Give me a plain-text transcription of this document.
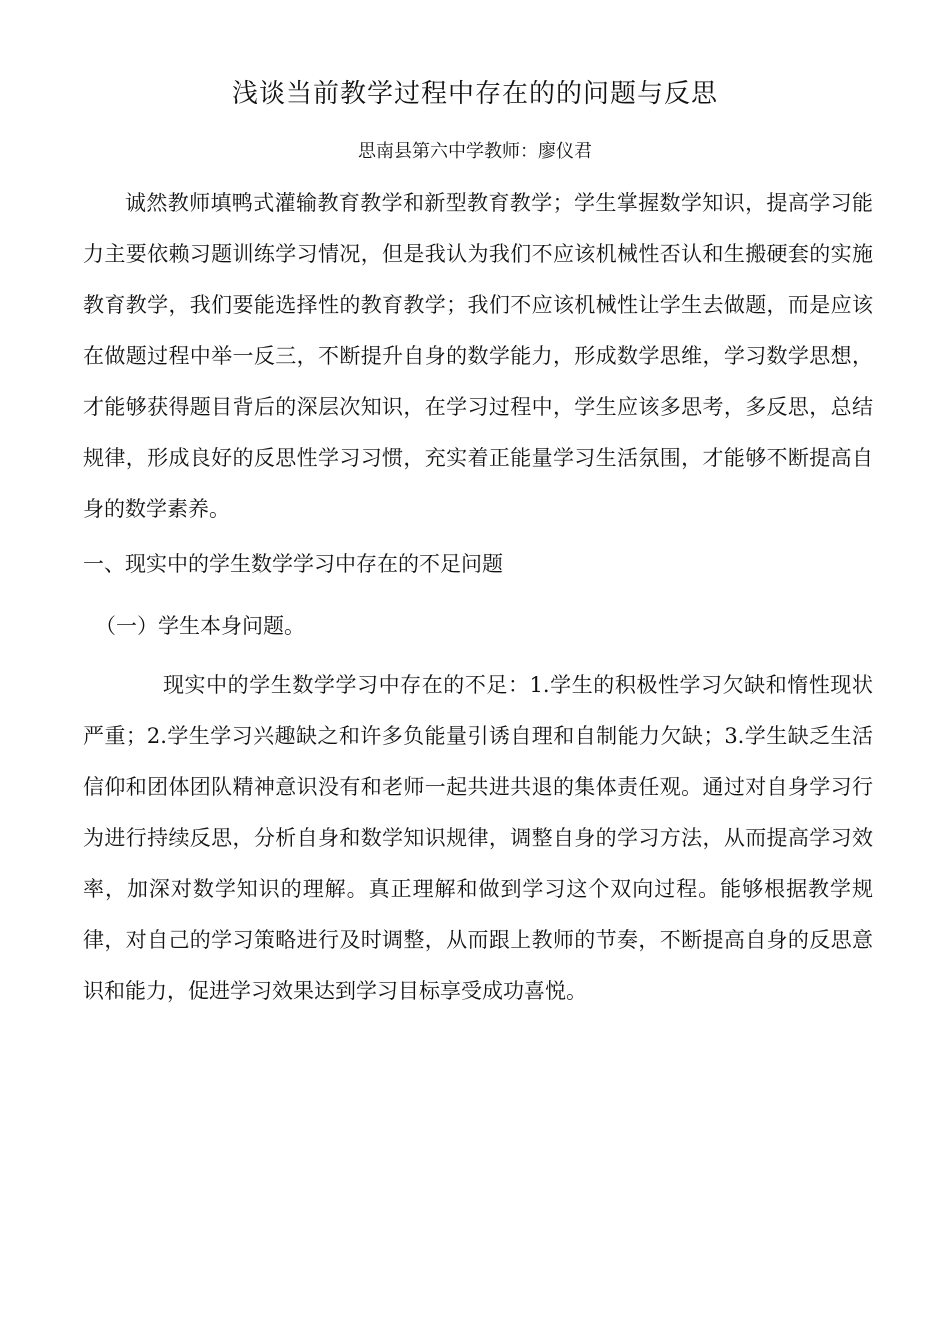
浅谈当前教学过程中存在的的问题与反思

思南县第六中学教师：廖仪君

诚然教师填鸭式灌输教育教学和新型教育教学；学生掌握数学知识，提高学习能力主要依赖习题训练学习情况，但是我认为我们不应该机械性否认和生搬硬套的实施教育教学，我们要能选择性的教育教学；我们不应该机械性让学生去做题，而是应该在做题过程中举一反三，不断提升自身的数学能力，形成数学思维，学习数学思想，才能够获得题目背后的深层次知识，在学习过程中，学生应该多思考，多反思，总结规律，形成良好的反思性学习习惯，充实着正能量学习生活氛围，才能够不断提高自身的数学素养。

一、现实中的学生数学学习中存在的不足问题
（一）学生本身问题。

现实中的学生数学学习中存在的不足：1.学生的积极性学习欠缺和惰性现状严重；2.学生学习兴趣缺之和许多负能量引诱自理和自制能力欠缺；3.学生缺乏生活信仰和团体团队精神意识没有和老师一起共进共退的集体责任观。通过对自身学习行为进行持续反思，分析自身和数学知识规律，调整自身的学习方法，从而提高学习效率，加深对数学知识的理解。真正理解和做到学习这个双向过程。能够根据教学规律，对自己的学习策略进行及时调整，从而跟上教师的节奏，不断提高自身的反思意识和能力，促进学习效果达到学习目标享受成功喜悦。
